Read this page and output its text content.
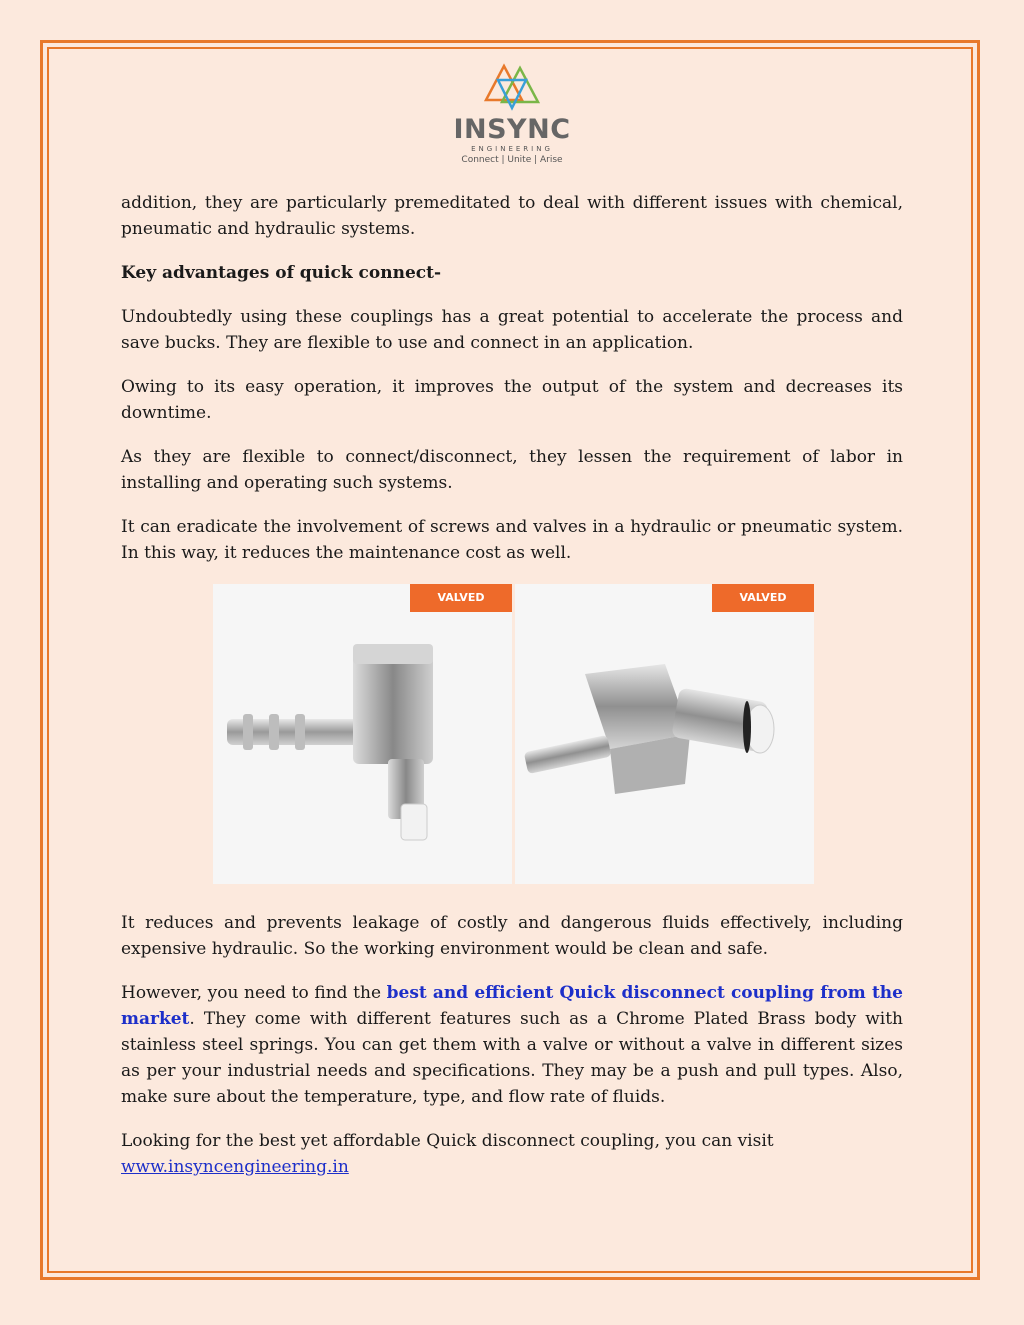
INSYNC
ENGINEERING
Connect | Unite | Arise

addition, they are particularly premeditated to deal with different issues with chemical, pneumatic and hydraulic systems.

Key advantages of quick connect-

Undoubtedly using these couplings has a great potential to accelerate the process and save bucks. They are flexible to use and connect in an application.

Owing to its easy operation, it improves the output of the system and decreases its downtime.

As they are flexible to connect/disconnect, they lessen the requirement of labor in installing and operating such systems.

It can eradicate the involvement of screws and valves in a hydraulic or pneumatic system. In this way, it reduces the maintenance cost as well.

VALVED	VALVED

It reduces and prevents leakage of costly and dangerous fluids effectively, including expensive hydraulic. So the working environment would be clean and safe.

However, you need to find the best and efficient Quick disconnect coupling from the market. They come with different features such as a Chrome Plated Brass body with stainless steel springs. You can get them with a valve or without a valve in different sizes as per your industrial needs and specifications. They may be a push and pull types. Also, make sure about the temperature, type, and flow rate of fluids.

Looking for the best yet affordable Quick disconnect coupling, you can visit
www.insyncengineering.in
